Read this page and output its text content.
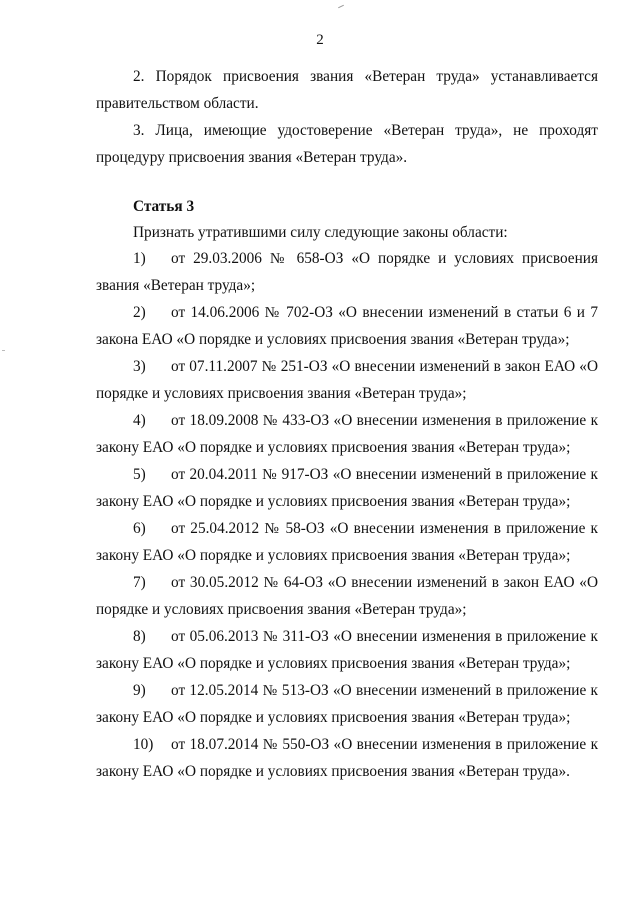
2

2. Порядок присвоения звания «Ветеран труда» устанавливается правительством области.

3. Лица, имеющие удостоверение «Ветеран труда», не проходят процедуру присвоения звания «Ветеран труда».

Статья 3

Признать утратившими силу следующие законы области:

1) от 29.03.2006 № 658-ОЗ «О порядке и условиях присвоения звания «Ветеран труда»;

2) от 14.06.2006 № 702-ОЗ «О внесении изменений в статьи 6 и 7 закона ЕАО «О порядке и условиях присвоения звания «Ветеран труда»;

3) от 07.11.2007 № 251-ОЗ «О внесении изменений в закон ЕАО «О порядке и условиях присвоения звания «Ветеран труда»;

4) от 18.09.2008 № 433-ОЗ «О внесении изменения в приложение к закону ЕАО «О порядке и условиях присвоения звания «Ветеран труда»;

5) от 20.04.2011 № 917-ОЗ «О внесении изменений в приложение к закону ЕАО «О порядке и условиях присвоения звания «Ветеран труда»;

6) от 25.04.2012 № 58-ОЗ «О внесении изменения в приложение к закону ЕАО «О порядке и условиях присвоения звания «Ветеран труда»;

7) от 30.05.2012 № 64-ОЗ «О внесении изменений в закон ЕАО «О порядке и условиях присвоения звания «Ветеран труда»;

8) от 05.06.2013 № 311-ОЗ «О внесении изменения в приложение к закону ЕАО «О порядке и условиях присвоения звания «Ветеран труда»;

9) от 12.05.2014 № 513-ОЗ «О внесении изменений в приложение к закону ЕАО «О порядке и условиях присвоения звания «Ветеран труда»;

10) от 18.07.2014 № 550-ОЗ «О внесении изменения в приложение к закону ЕАО «О порядке и условиях присвоения звания «Ветеран труда».
